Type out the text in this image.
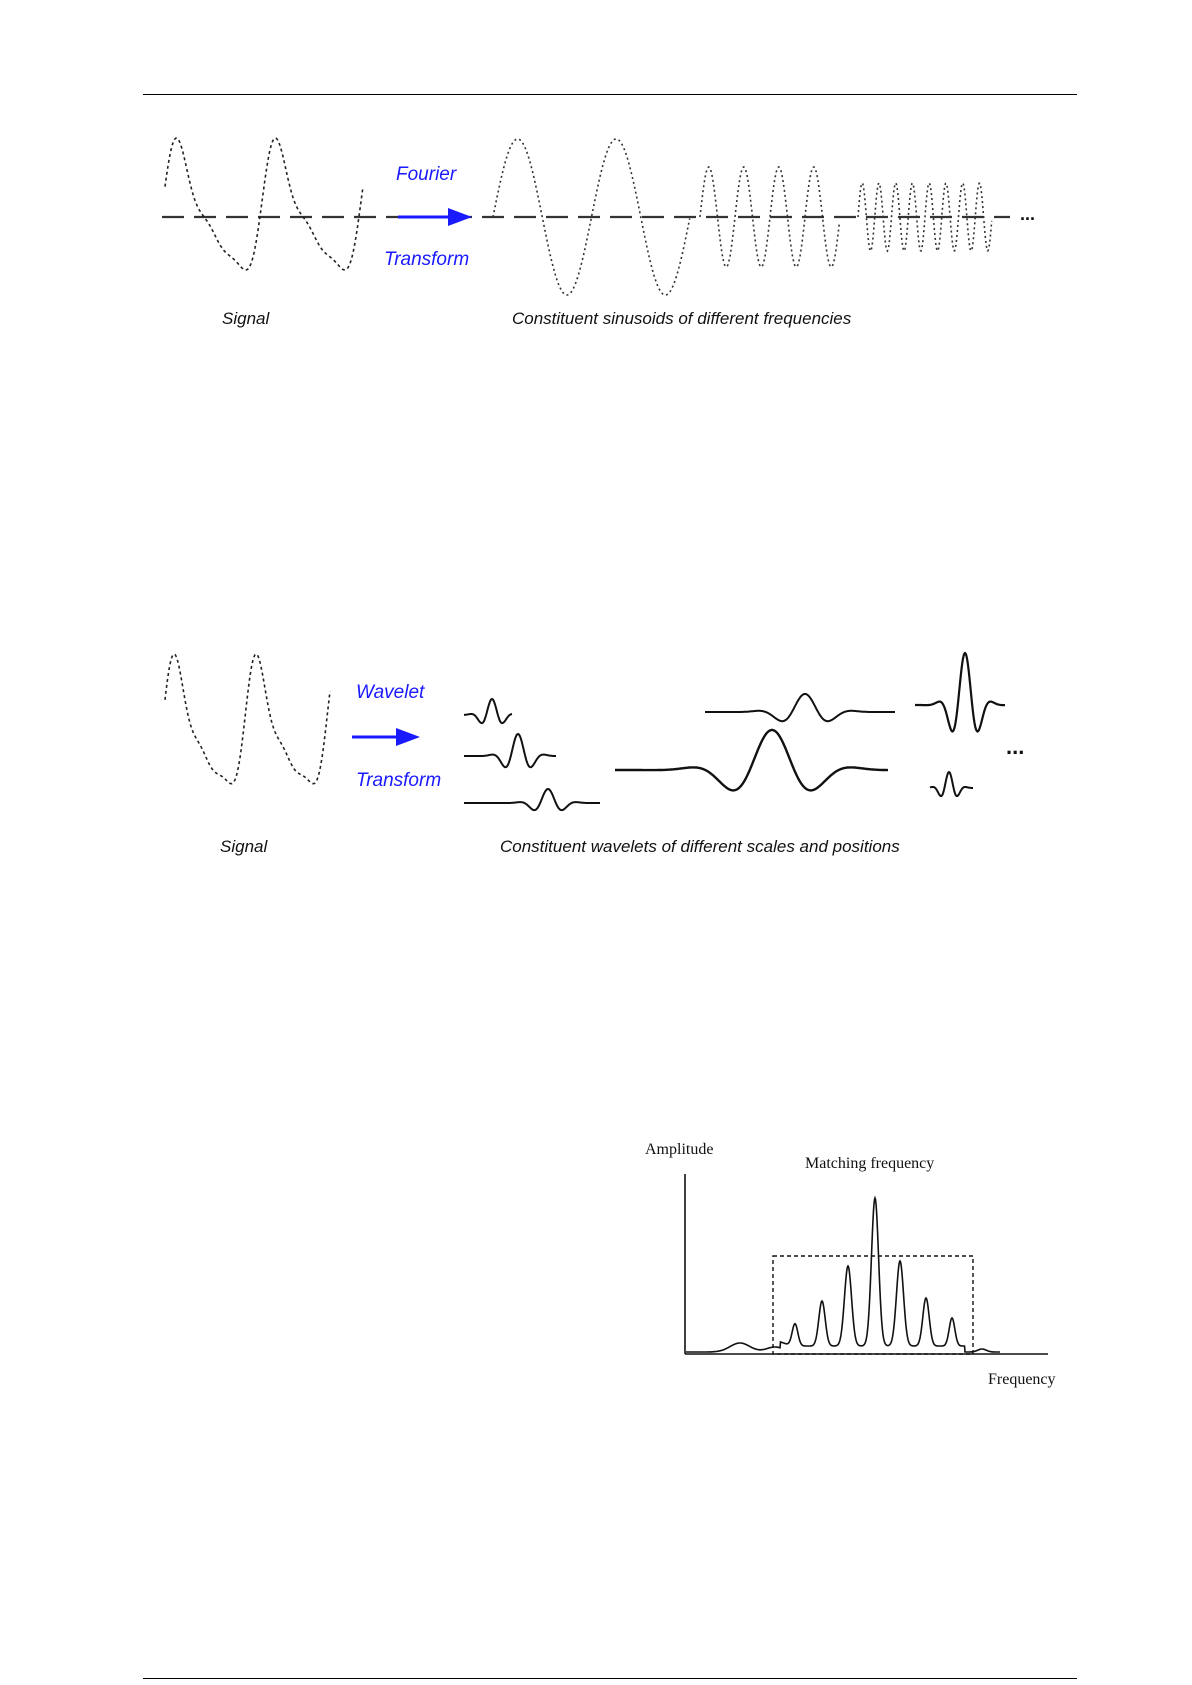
Fourier
Transform
Signal	Constituent sinusoids of different frequencies
...
Wavelet
Transform
...
Signal	Constituent wavelets of different scales and positions
Amplitude
Matching frequency
Frequency
